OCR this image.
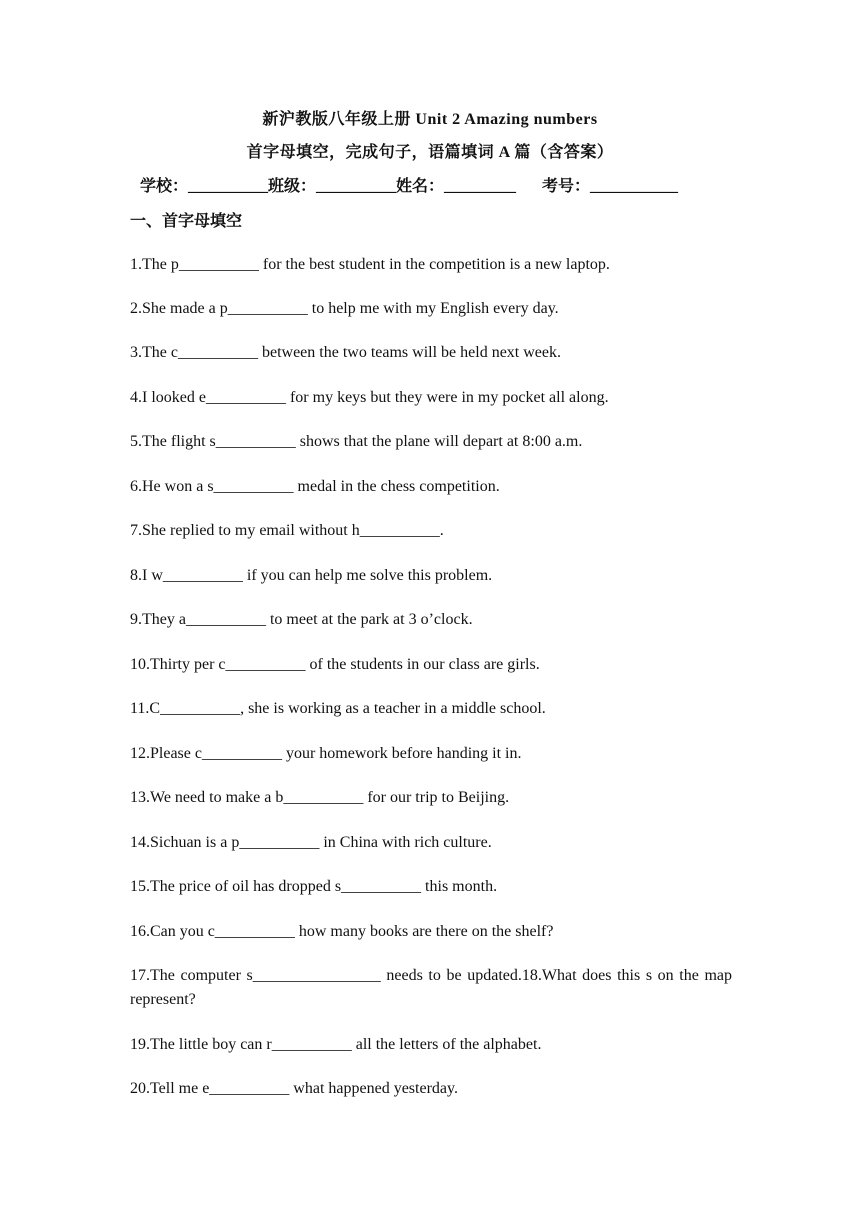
新沪教版八年级上册 Unit 2 Amazing numbers
首字母填空，完成句子，语篇填词 A 篇（含答案）
学校：__________班级：__________姓名：_________ 考号：___________
一、首字母填空
1.The p__________ for the best student in the competition is a new laptop.
2.She made a p__________ to help me with my English every day.
3.The c__________ between the two teams will be held next week.
4.I looked e__________ for my keys but they were in my pocket all along.
5.The flight s__________ shows that the plane will depart at 8:00 a.m.
6.He won a s__________ medal in the chess competition.
7.She replied to my email without h__________.
8.I w__________ if you can help me solve this problem.
9.They a__________ to meet at the park at 3 o’clock.
10.Thirty per c__________ of the students in our class are girls.
11.C__________, she is working as a teacher in a middle school.
12.Please c__________ your homework before handing it in.
13.We need to make a b__________ for our trip to Beijing.
14.Sichuan is a p__________ in China with rich culture.
15.The price of oil has dropped s__________ this month.
16.Can you c__________ how many books are there on the shelf?
17.The computer s________________ needs to be updated.18.What does this s on the map represent?
19.The little boy can r__________ all the letters of the alphabet.
20.Tell me e__________ what happened yesterday.
